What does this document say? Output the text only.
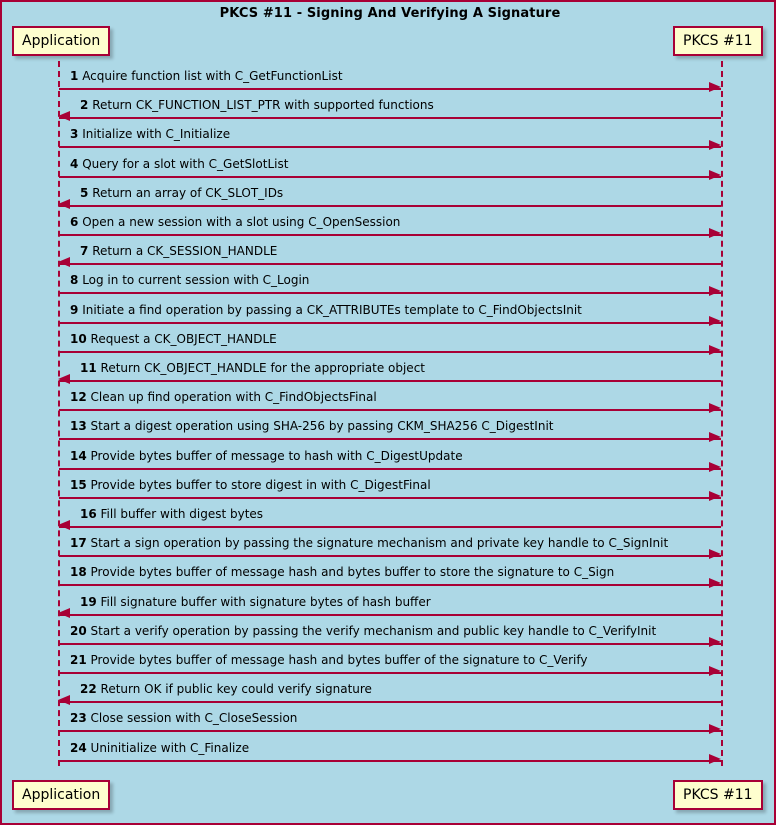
PKCS #11 - Signing And Verifying A Signature
Application	PKCS #11
1 Acquire function list with C_GetFunctionList
2 Return CK_FUNCTION_LIST_PTR with supported functions
3 Initialize with C_Initialize
4 Query for a slot with C_GetSlotList
5 Return an array of CK_SLOT_IDs
6 Open a new session with a slot using C_OpenSession
7 Return a CK_SESSION_HANDLE
8 Log in to current session with C_Login
9 Initiate a find operation by passing a CK_ATTRIBUTEs template to C_FindObjectsInit
10 Request a CK_OBJECT_HANDLE
11 Return CK_OBJECT_HANDLE for the appropriate object
12 Clean up find operation with C_FindObjectsFinal
13 Start a digest operation using SHA-256 by passing CKM_SHA256 C_DigestInit
14 Provide bytes buffer of message to hash with C_DigestUpdate
15 Provide bytes buffer to store digest in with C_DigestFinal
16 Fill buffer with digest bytes
17 Start a sign operation by passing the signature mechanism and private key handle to C_SignInit
18 Provide bytes buffer of message hash and bytes buffer to store the signature to C_Sign
19 Fill signature buffer with signature bytes of hash buffer
20 Start a verify operation by passing the verify mechanism and public key handle to C_VerifyInit
21 Provide bytes buffer of message hash and bytes buffer of the signature to C_Verify
22 Return OK if public key could verify signature
23 Close session with C_CloseSession
24 Uninitialize with C_Finalize
Application	PKCS #11
